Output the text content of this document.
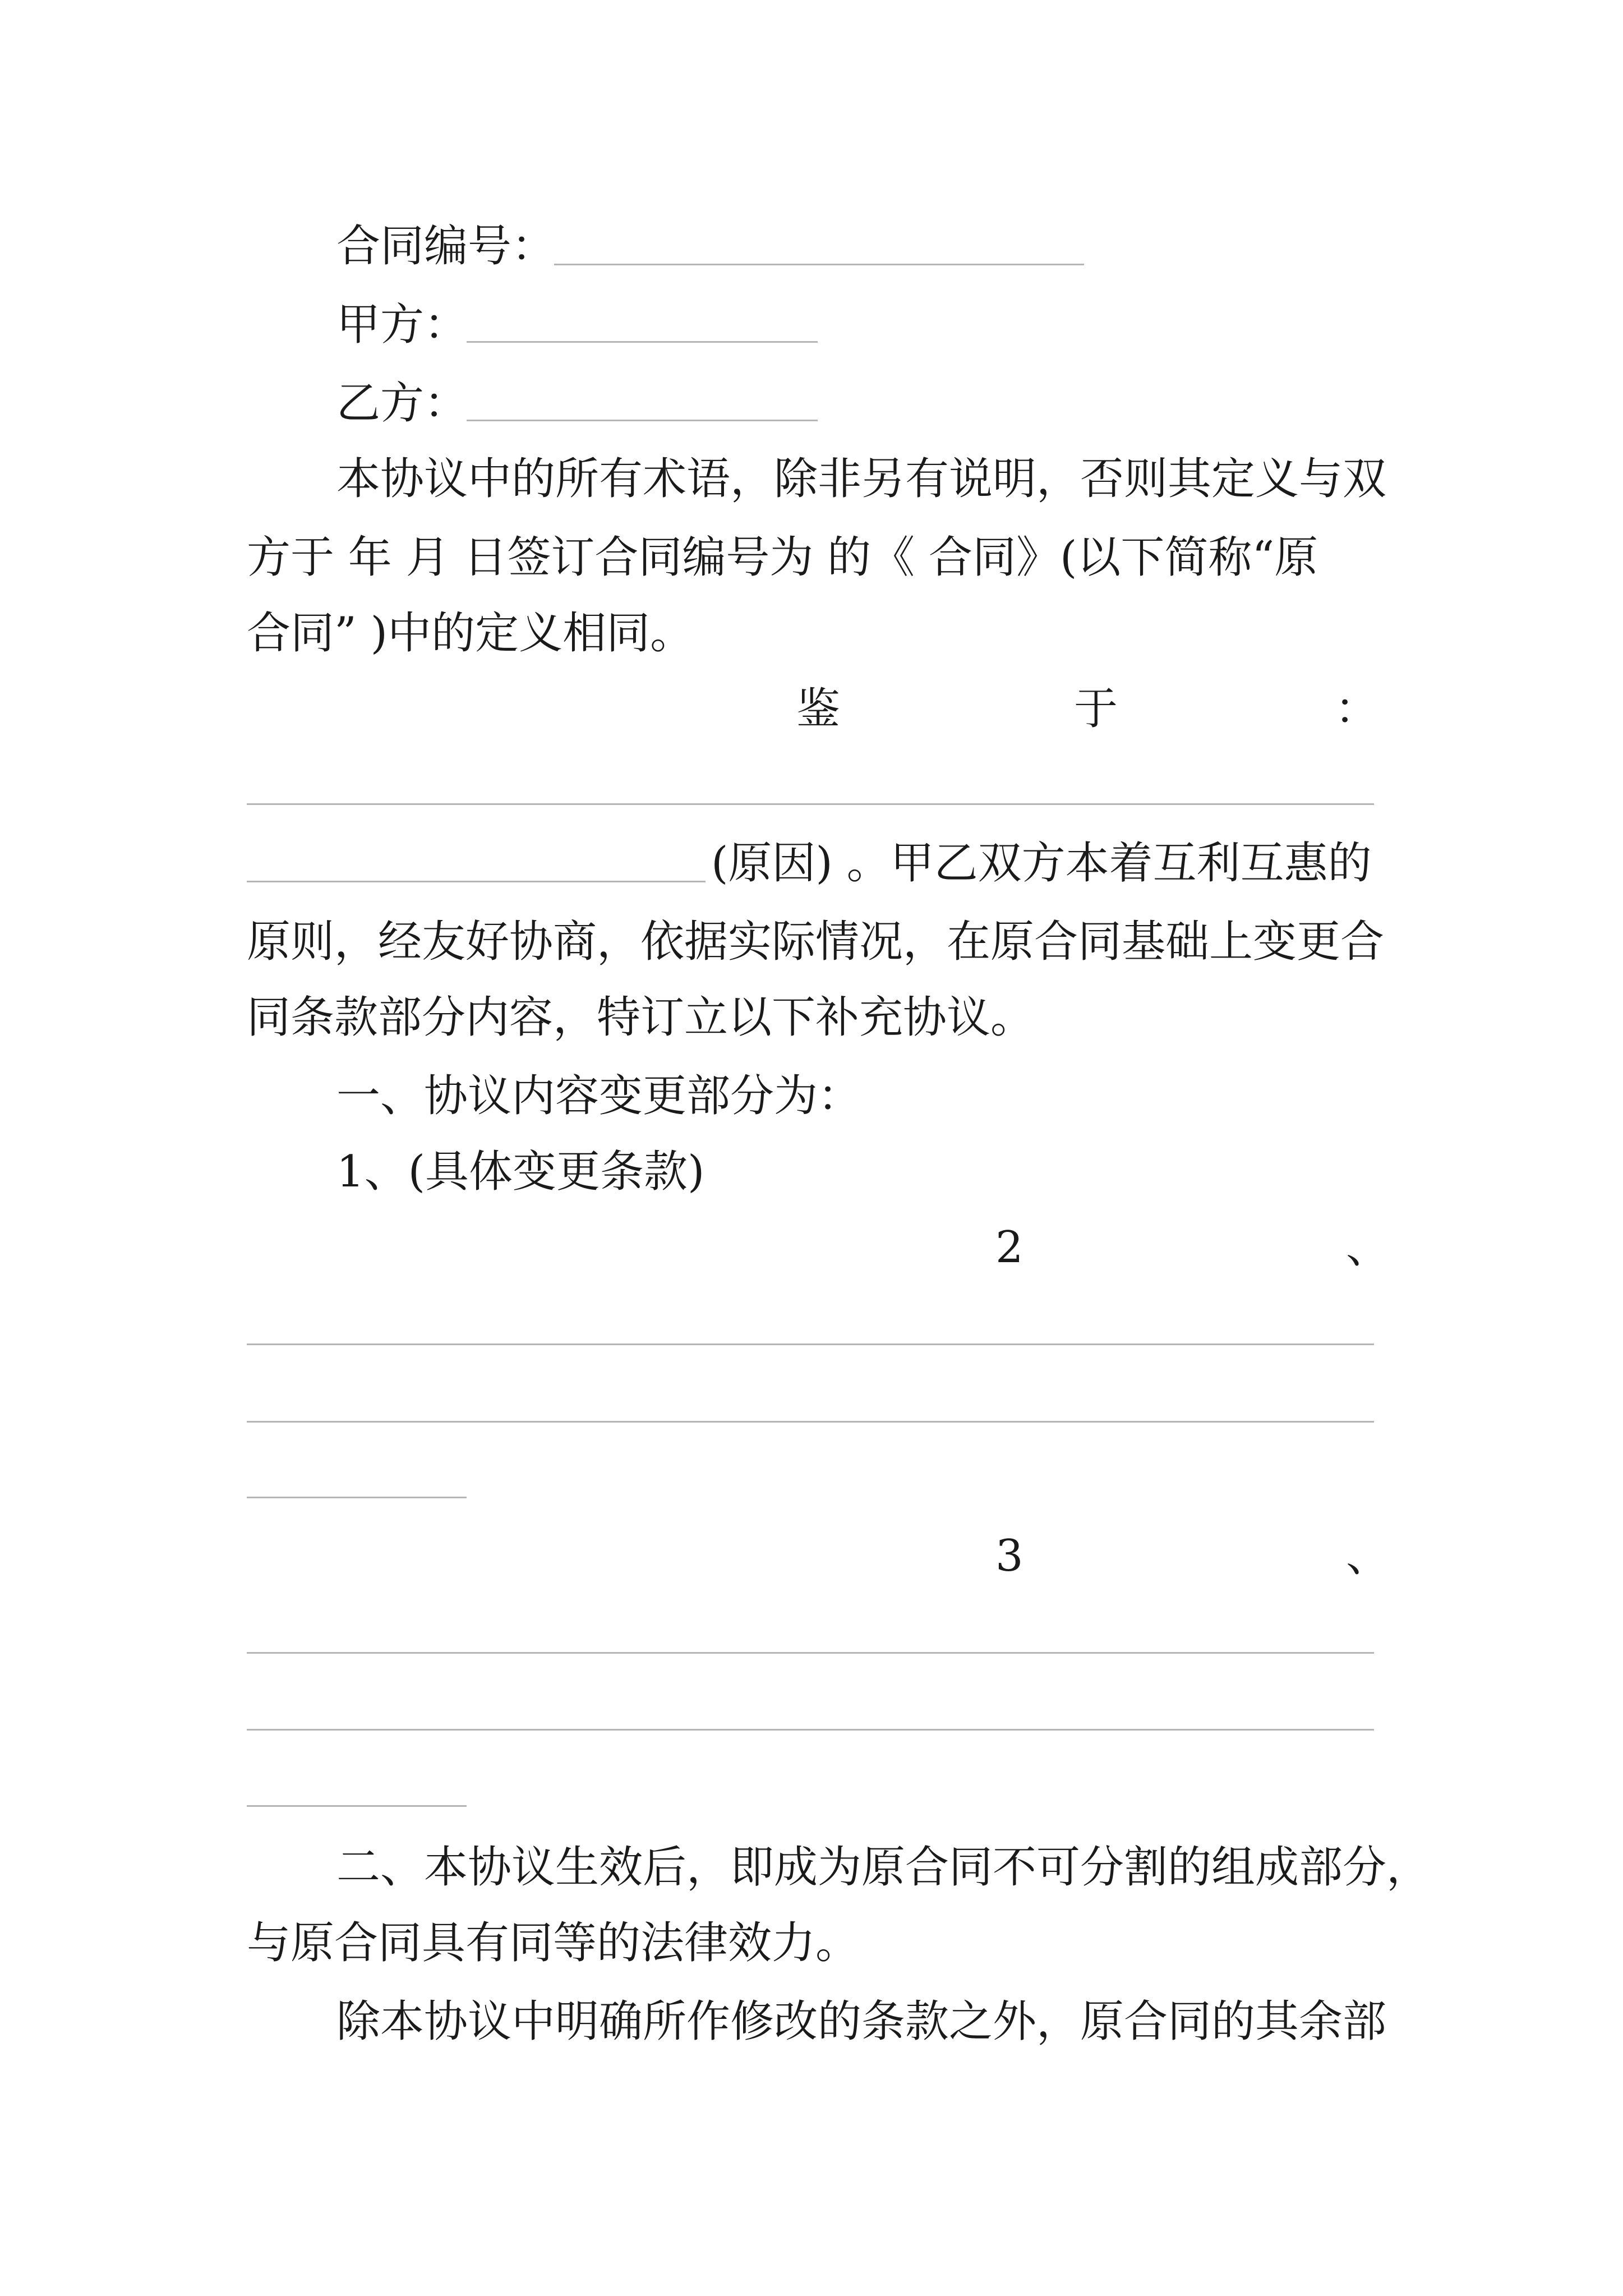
合同编号：
甲方：
乙方：
本协议中的所有术语，除非另有说明，否则其定义与双
方于 年 月 日签订合同编号为 的《 合同》(以下简称“原
合同” )中的定义相同。
鉴	于	：
(原因) 。甲乙双方本着互利互惠的
原则，经友好协商，依据实际情况，在原合同基础上变更合
同条款部分内容，特订立以下补充协议。
一、协议内容变更部分为：
1、(具体变更条款)
2	、
3	、
二、本协议生效后，即成为原合同不可分割的组成部分，
与原合同具有同等的法律效力。
除本协议中明确所作修改的条款之外，原合同的其余部
